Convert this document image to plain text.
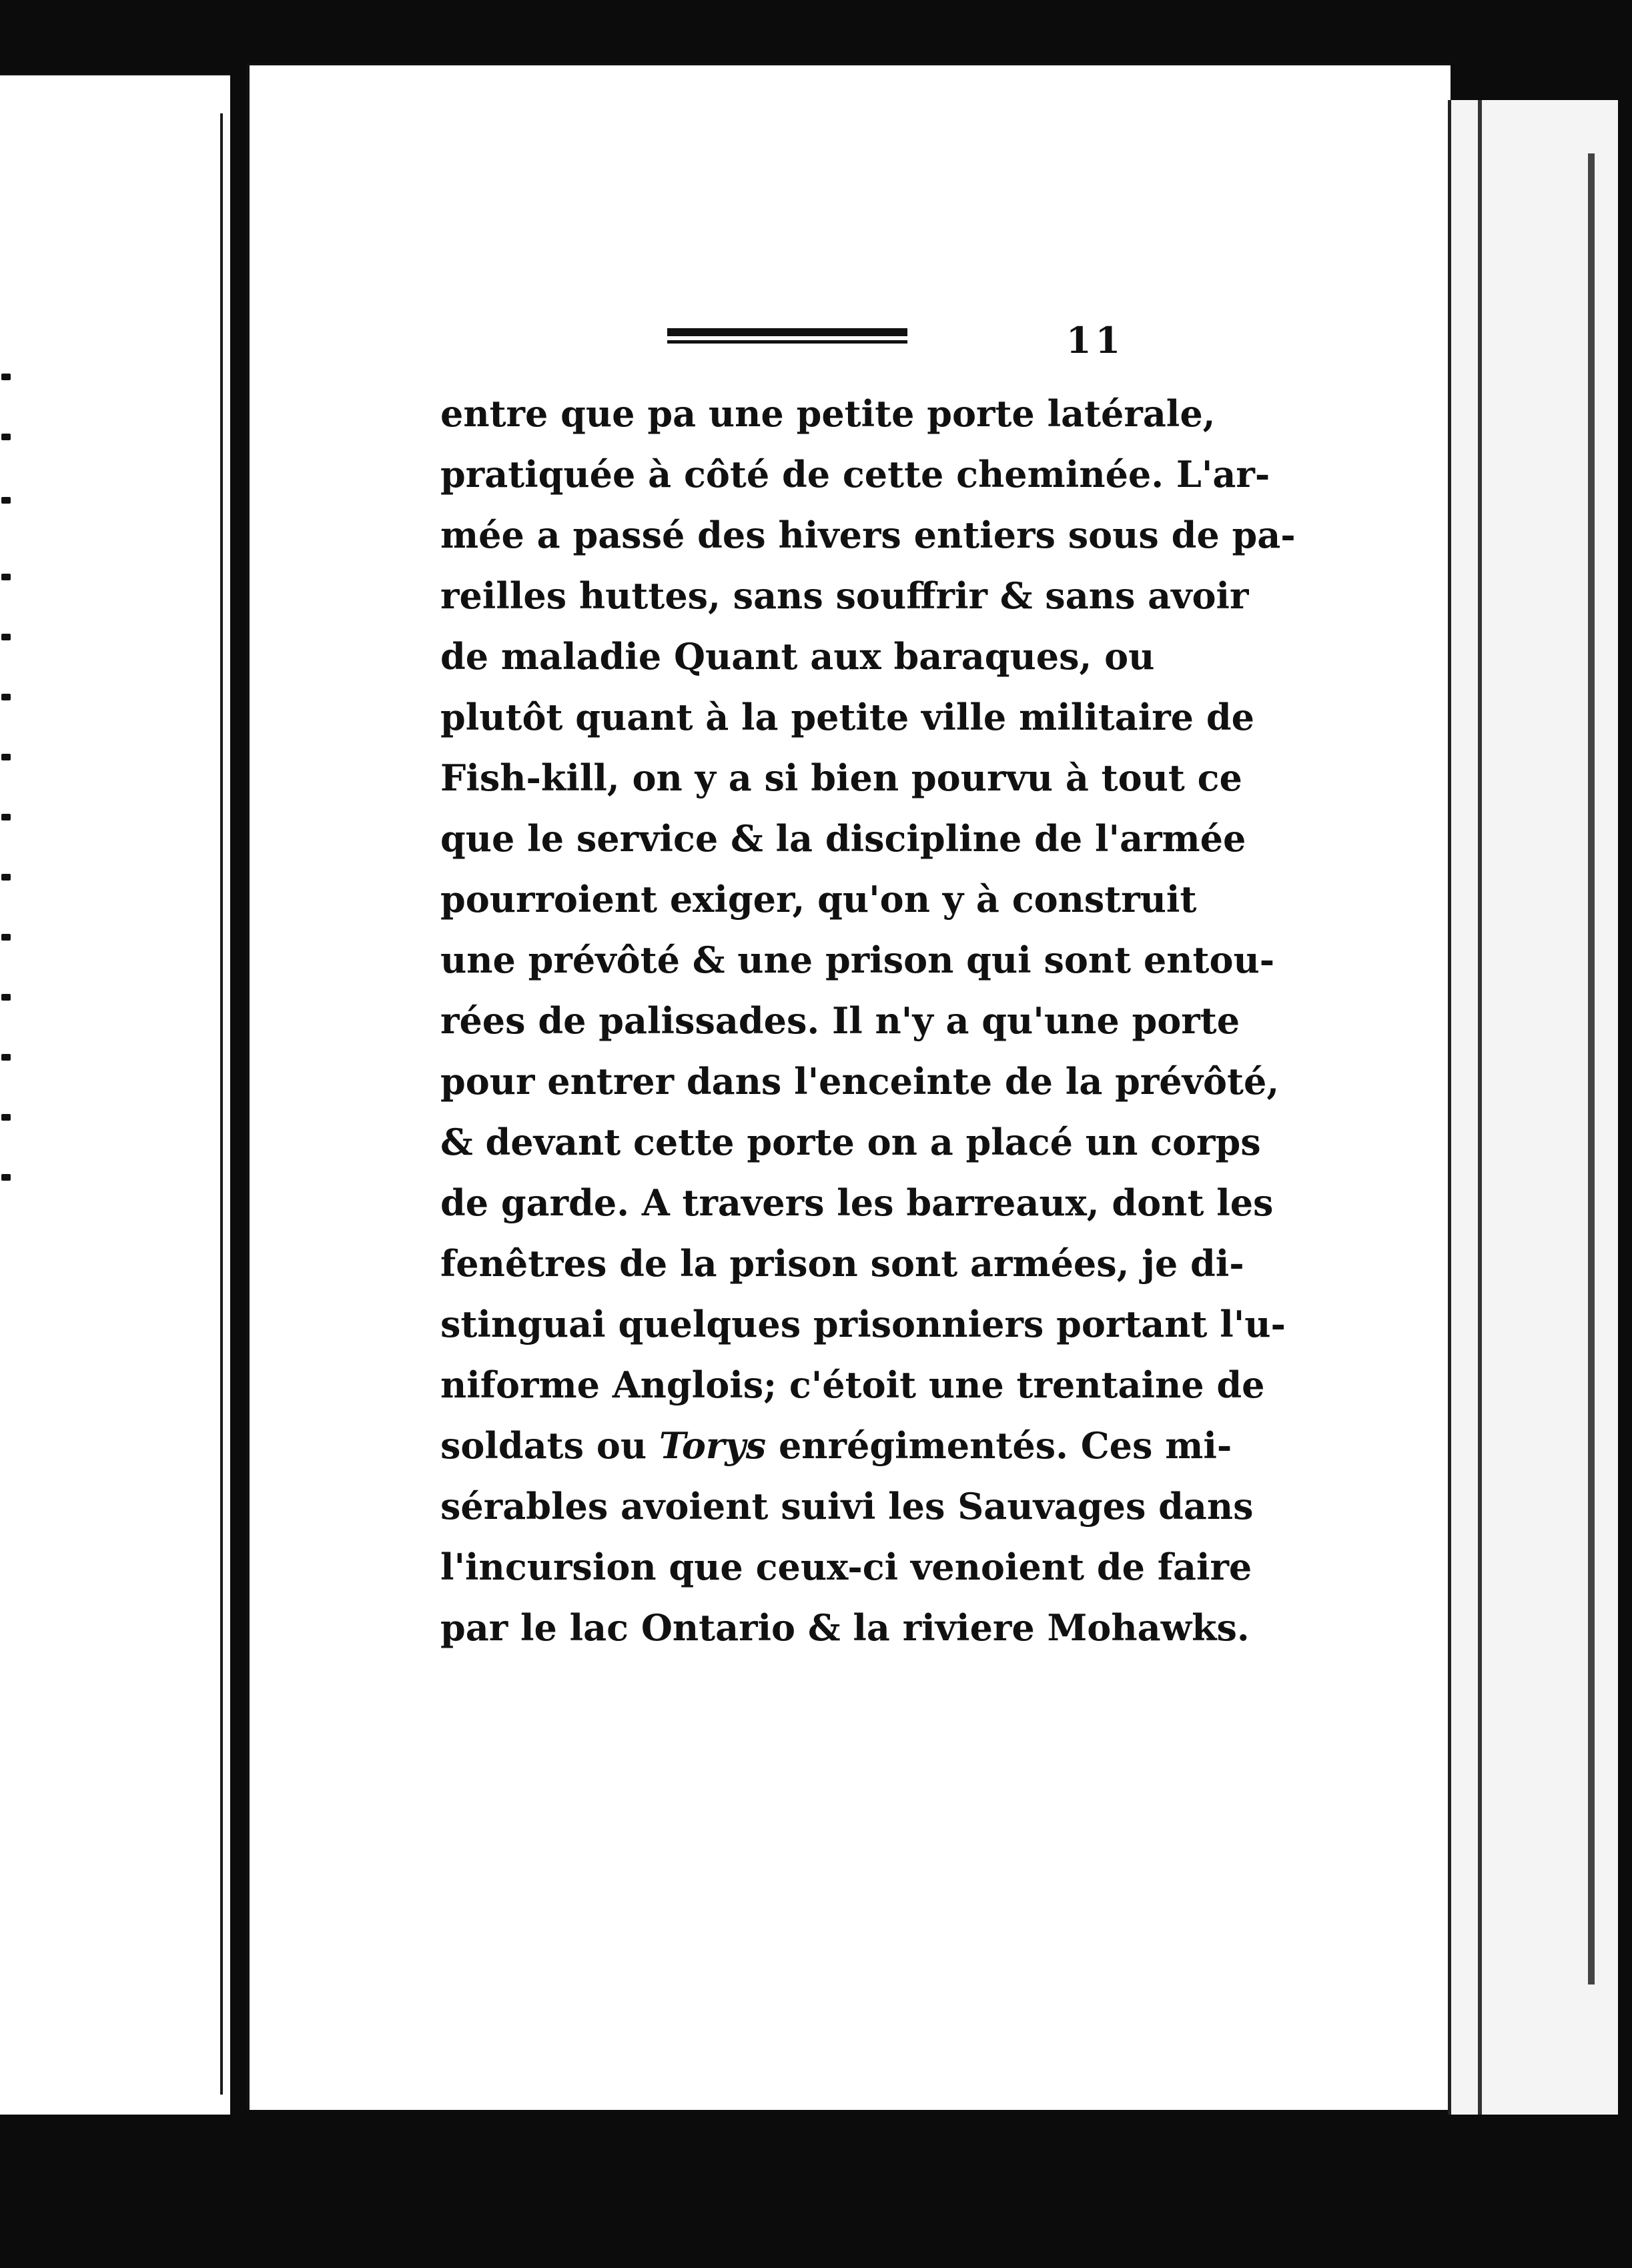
11
entre que pa une petite porte latérale,
pratiquée à côté de cette cheminée. L'ar-
mée a passé des hivers entiers sous de pa-
reilles huttes, sans souffrir & sans avoir
de maladie Quant aux baraques, ou
plutôt quant à la petite ville militaire de
Fish-kill, on y a si bien pourvu à tout ce
que le service & la discipline de l'armée
pourroient exiger, qu'on y à construit
une prévôté & une prison qui sont entou-
rées de palissades. Il n'y a qu'une porte
pour entrer dans l'enceinte de la prévôté,
& devant cette porte on a placé un corps
de garde. A travers les barreaux, dont les
fenêtres de la prison sont armées, je di-
stinguai quelques prisonniers portant l'u-
niforme Anglois; c'étoit une trentaine de
soldats ou Torys enrégimentés. Ces mi-
sérables avoient suivi les Sauvages dans
l'incursion que ceux-ci venoient de faire
par le lac Ontario & la riviere Mohawks.
